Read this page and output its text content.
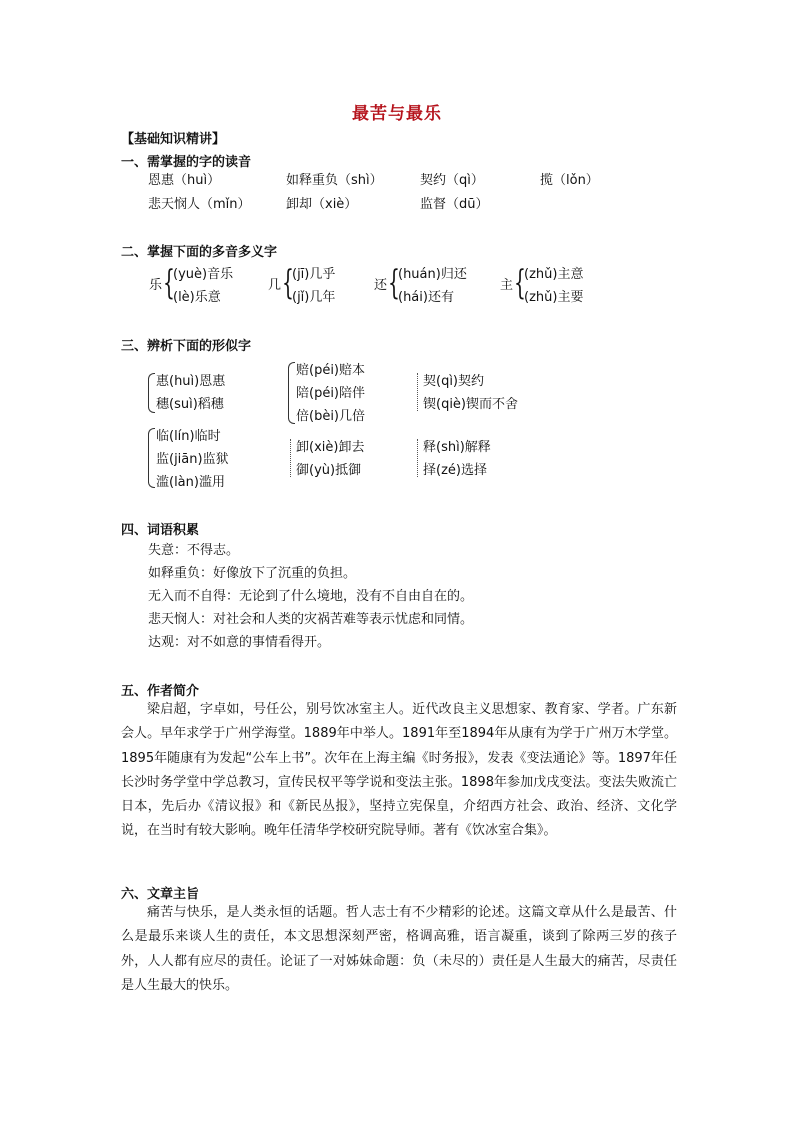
最苦与最乐
【基础知识精讲】
一、需掌握的字的读音
恩惠（huì）	如释重负（shì）	契约（qì）	揽（lǒn）
悲天悯人（mǐn）	卸却（xiè）	监督（dū）
二、掌握下面的多音多义字
乐 {
(yuè)音乐
(lè)乐意
几 {
(jī)几乎
(jǐ)几年
还 {
(huán)归还
(hái)还有
主 {
(zhǔ)主意
(zhǔ)主要
三、辨析下面的形似字
惠(huì)恩惠
穗(suì)稻穗
赔(péi)赔本
陪(péi)陪伴
倍(bèi)几倍
契(qì)契约
锲(qiè)锲而不舍
临(lín)临时
监(jiān)监狱
滥(làn)滥用
卸(xiè)卸去
御(yù)抵御
释(shì)解释
择(zé)选择
四、词语积累
失意：不得志。
如释重负：好像放下了沉重的负担。
无入而不自得：无论到了什么境地，没有不自由自在的。
悲天悯人：对社会和人类的灾祸苦难等表示忧虑和同情。
达观：对不如意的事情看得开。
五、作者简介
梁启超，字卓如，号任公，别号饮冰室主人。近代改良主义思想家、教育家、学者。广东新会人。早年求学于广州学海堂。1889年中举人。1891年至1894年从康有为学于广州万木学堂。1895年随康有为发起“公车上书”。次年在上海主编《时务报》，发表《变法通论》等。1897年任长沙时务学堂中学总教习，宣传民权平等学说和变法主张。1898年参加戊戌变法。变法失败流亡日本，先后办《清议报》和《新民丛报》，坚持立宪保皇，介绍西方社会、政治、经济、文化学说，在当时有较大影响。晚年任清华学校研究院导师。著有《饮冰室合集》。
六、文章主旨
痛苦与快乐，是人类永恒的话题。哲人志士有不少精彩的论述。这篇文章从什么是最苦、什么是最乐来谈人生的责任，本文思想深刻严密，格调高雅，语言凝重，谈到了除两三岁的孩子外，人人都有应尽的责任。论证了一对姊妹命题：负（未尽的）责任是人生最大的痛苦，尽责任是人生最大的快乐。
